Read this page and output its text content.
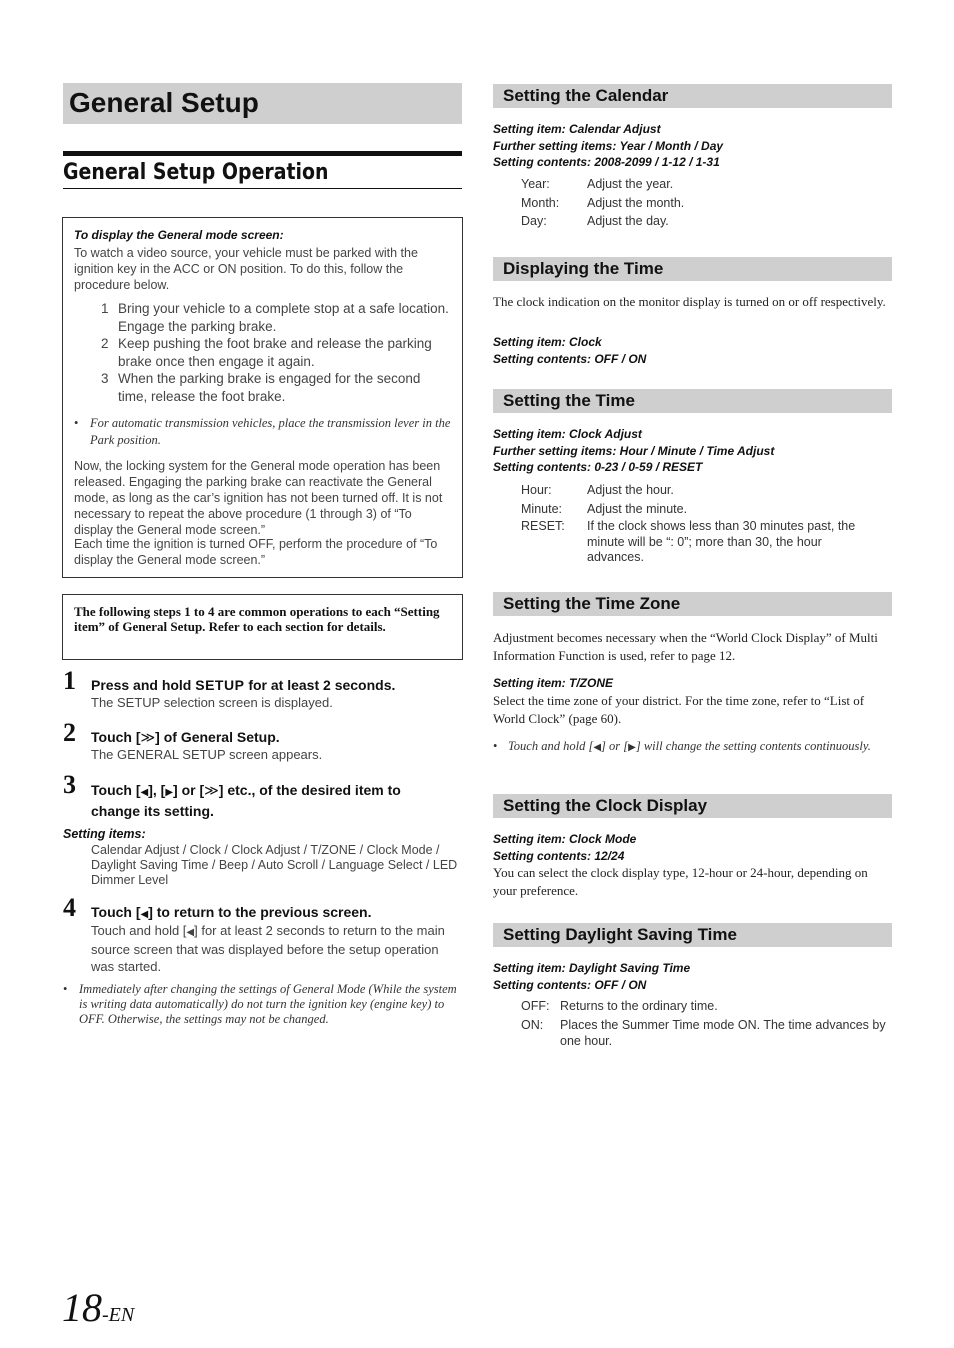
General Setup
General Setup Operation
To display the General mode screen:
To watch a video source, your vehicle must be parked with the ignition key in the ACC or ON position. To do this, follow the procedure below.
1 Bring your vehicle to a complete stop at a safe location. Engage the parking brake.
2 Keep pushing the foot brake and release the parking brake once then engage it again.
3 When the parking brake is engaged for the second time, release the foot brake.
• For automatic transmission vehicles, place the transmission lever in the Park position.
Now, the locking system for the General mode operation has been released. Engaging the parking brake can reactivate the General mode, as long as the car’s ignition has not been turned off. It is not necessary to repeat the above procedure (1 through 3) of “To display the General mode screen.”
Each time the ignition is turned OFF, perform the procedure of “To display the General mode screen.”
The following steps 1 to 4 are common operations to each “Setting item” of General Setup. Refer to each section for details.
1 Press and hold SETUP for at least 2 seconds.
The SETUP selection screen is displayed.
2 Touch [≫] of General Setup.
The GENERAL SETUP screen appears.
3 Touch [◀], [▶] or [≫] etc., of the desired item to
change its setting.
Setting items:
Calendar Adjust / Clock / Clock Adjust / T/ZONE / Clock Mode / Daylight Saving Time / Beep / Auto Scroll / Language Select / LED Dimmer Level
4 Touch [◀] to return to the previous screen.
Touch and hold [◀] for at least 2 seconds to return to the main source screen that was displayed before the setup operation was started.
• Immediately after changing the settings of General Mode (While the system is writing data automatically) do not turn the ignition key (engine key) to OFF. Otherwise, the settings may not be changed.
Setting the Calendar
Setting item: Calendar Adjust
Further setting items: Year / Month / Day
Setting contents: 2008-2099 / 1-12 / 1-31
Year:	Adjust the year.
Month:	Adjust the month.
Day:	Adjust the day.
Displaying the Time
The clock indication on the monitor display is turned on or off respectively.
Setting item: Clock
Setting contents: OFF / ON
Setting the Time
Setting item: Clock Adjust
Further setting items: Hour / Minute / Time Adjust
Setting contents: 0-23 / 0-59 / RESET
Hour:	Adjust the hour.
Minute:	Adjust the minute.
RESET:	If the clock shows less than 30 minutes past, the minute will be “: 0”; more than 30, the hour advances.
Setting the Time Zone
Adjustment becomes necessary when the “World Clock Display” of Multi Information Function is used, refer to page 12.
Setting item: T/ZONE
Select the time zone of your district. For the time zone, refer to “List of World Clock” (page 60).
• Touch and hold [◀] or [▶] will change the setting contents continuously.
Setting the Clock Display
Setting item: Clock Mode
Setting contents: 12/24
You can select the clock display type, 12-hour or 24-hour, depending on your preference.
Setting Daylight Saving Time
Setting item: Daylight Saving Time
Setting contents: OFF / ON
OFF: Returns to the ordinary time.
ON:	Places the Summer Time mode ON. The time advances by one hour.
18-EN
